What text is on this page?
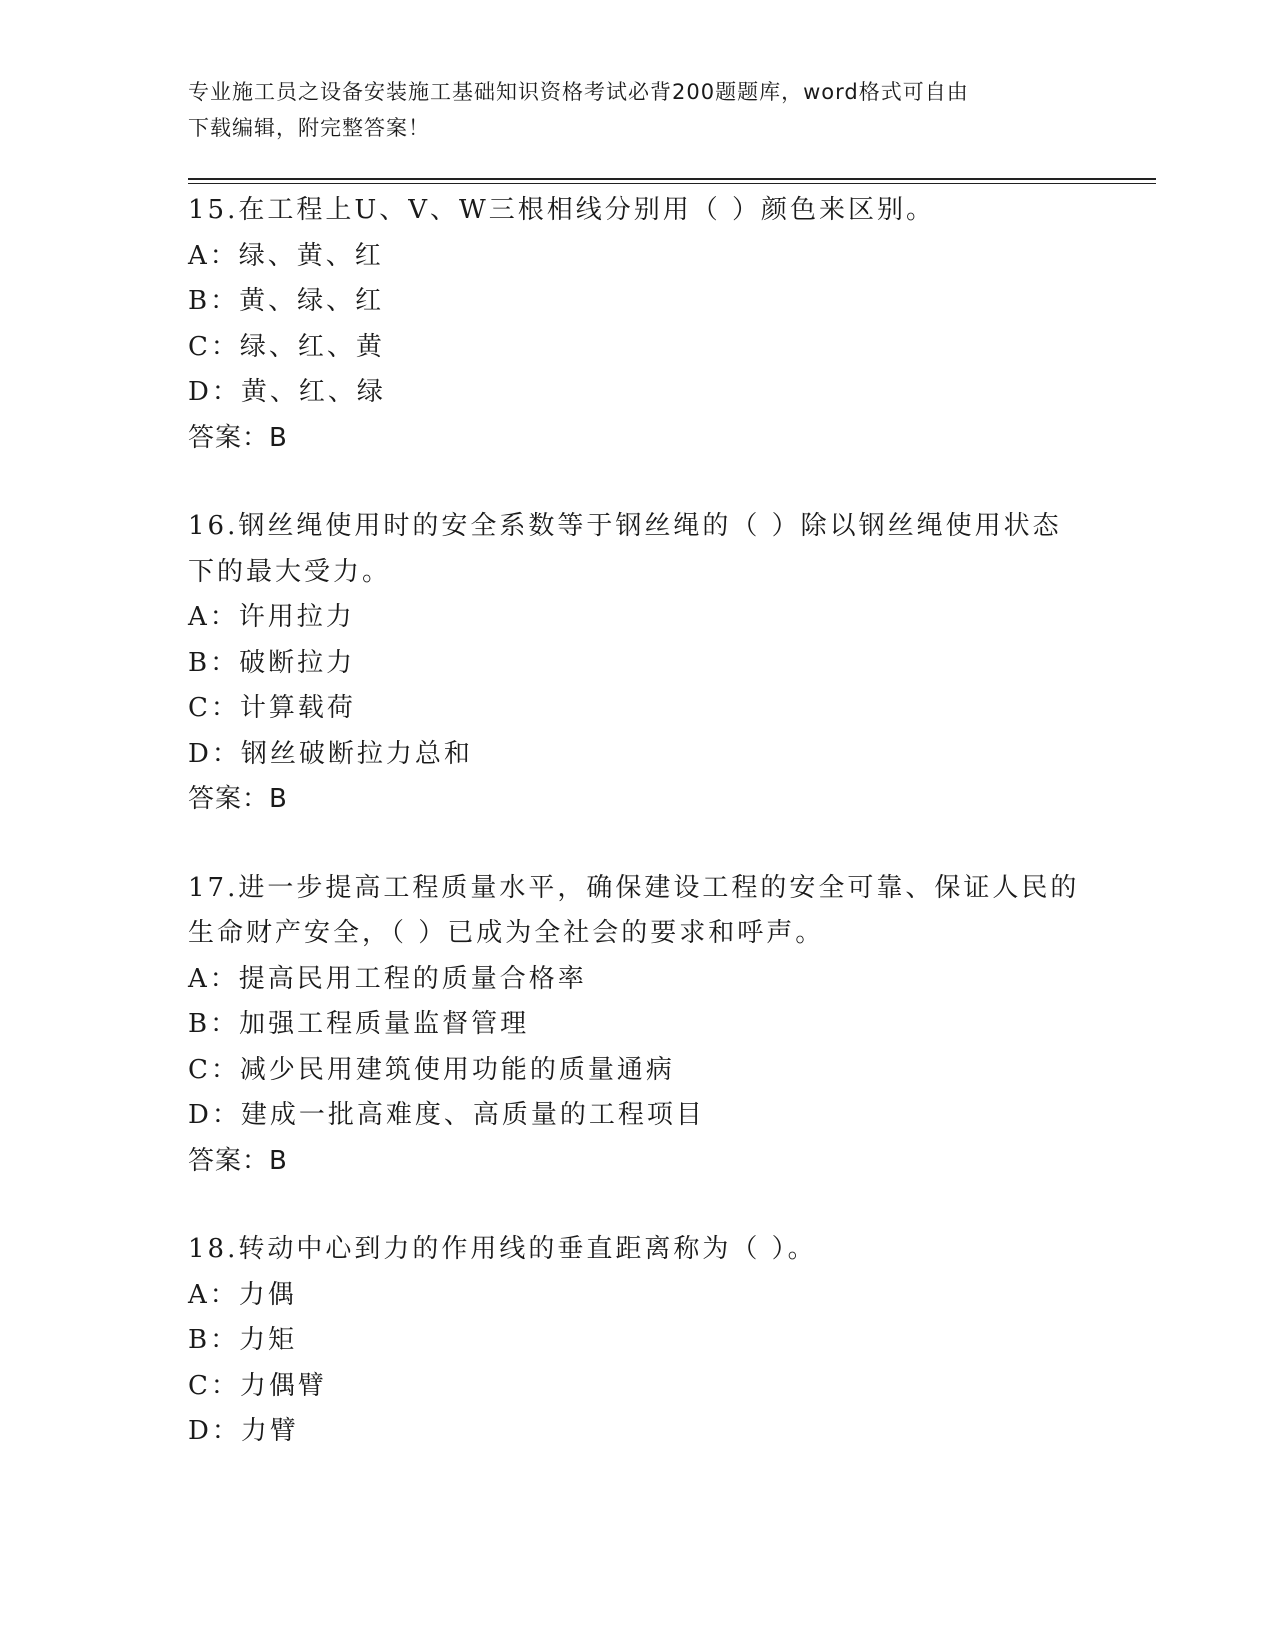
专业施工员之设备安装施工基础知识资格考试必背200题题库，word格式可自由
下载编辑，附完整答案！
15.在工程上U、V、W三根相线分别用（ ）颜色来区别。
A：绿、黄、红
B：黄、绿、红
C：绿、红、黄
D：黄、红、绿
答案：B
16.钢丝绳使用时的安全系数等于钢丝绳的（ ）除以钢丝绳使用状态
下的最大受力。
A：许用拉力
B：破断拉力
C：计算载荷
D：钢丝破断拉力总和
答案：B
17.进一步提高工程质量水平，确保建设工程的安全可靠、保证人民的
生命财产安全，（ ）已成为全社会的要求和呼声。
A：提高民用工程的质量合格率
B：加强工程质量监督管理
C：减少民用建筑使用功能的质量通病
D：建成一批高难度、高质量的工程项目
答案：B
18.转动中心到力的作用线的垂直距离称为（ ）。
A：力偶
B：力矩
C：力偶臂
D：力臂
